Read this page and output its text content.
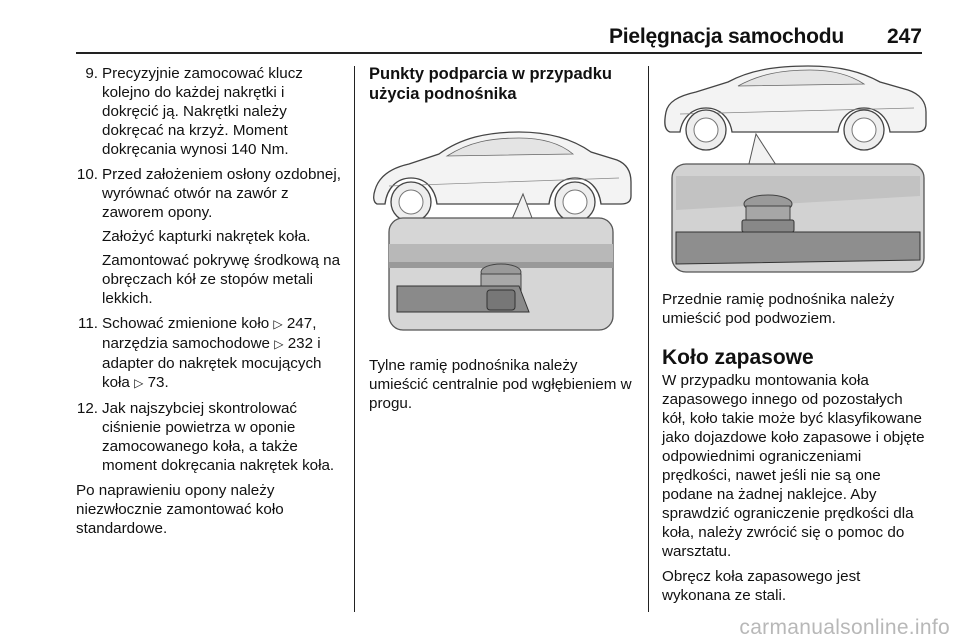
Pielęgnacja samochodu 247
9. Precyzyjnie zamocować klucz kolejno do każdej nakrętki i dokręcić ją. Nakrętki należy dokręcać na krzyż. Moment dokręcania wynosi 140 Nm.
10. Przed założeniem osłony ozdobnej, wyrównać otwór na zawór z zaworem opony.
Założyć kapturki nakrętek koła.
Zamontować pokrywę środkową na obręczach kół ze stopów metali lekkich.
11. Schować zmienione koło ▷ 247, narzędzia samochodowe ▷ 232 i adapter do nakrętek mocujących koła ▷ 73.
12. Jak najszybciej skontrolować ciśnienie powietrza w oponie zamocowanego koła, a także moment dokręcania nakrętek koła.

Po naprawieniu opony należy niezwłocznie zamontować koło standardowe.

Punkty podparcia w przypadku użycia podnośnika

Tylne ramię podnośnika należy umieścić centralnie pod wgłębieniem w progu.

Przednie ramię podnośnika należy umieścić pod podwoziem.

Koło zapasowe

W przypadku montowania koła zapasowego innego od pozostałych kół, koło takie może być klasyfikowane jako dojazdowe koło zapasowe i objęte odpowiednimi ograniczeniami prędkości, nawet jeśli nie są one podane na żadnej naklejce. Aby sprawdzić ograniczenie prędkości dla koła, należy zwrócić się o pomoc do warsztatu.

Obręcz koła zapasowego jest wykonana ze stali.

carmanualsonline.info
